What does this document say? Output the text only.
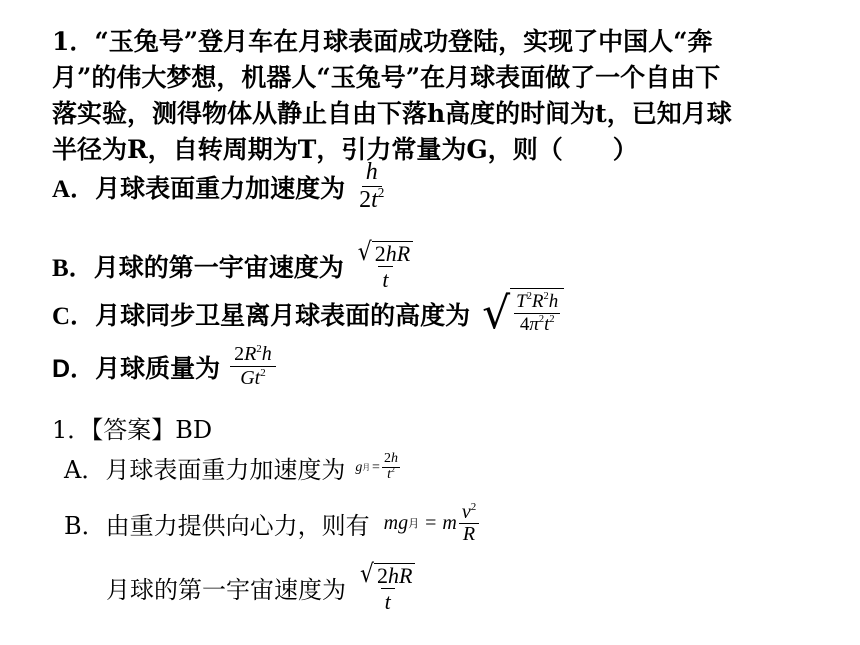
1．“玉兔号”登月车在月球表面成功登陆，实现了中国人“奔
月”的伟大梦想，机器人“玉兔号”在月球表面做了一个自由下
落实验，测得物体从静止自由下落h高度的时间为t，已知月球
半径为R，自转周期为T，引力常量为G，则（　　）
A． 月球表面重力加速度为 $\frac{h}{2t^2}$
B． 月球的第一宇宙速度为 $\frac{√ 2hR}{t}$
C． 月球同步卫星离月球表面的高度为 √ $T^2R^2h$
$4\pi^2t^2$
D． 月球质量为 $\frac{2R^2h}{Gt^2}$
1．【答案】BD
A．月球表面重力加速度为 g 月 = $\frac{2h}{t^2}$
B．由重力提供向心力，则有 mg 月 = m $\frac{v^2}{R}$
月球的第一宇宙速度为 $\frac{√ 2hR}{t}$
